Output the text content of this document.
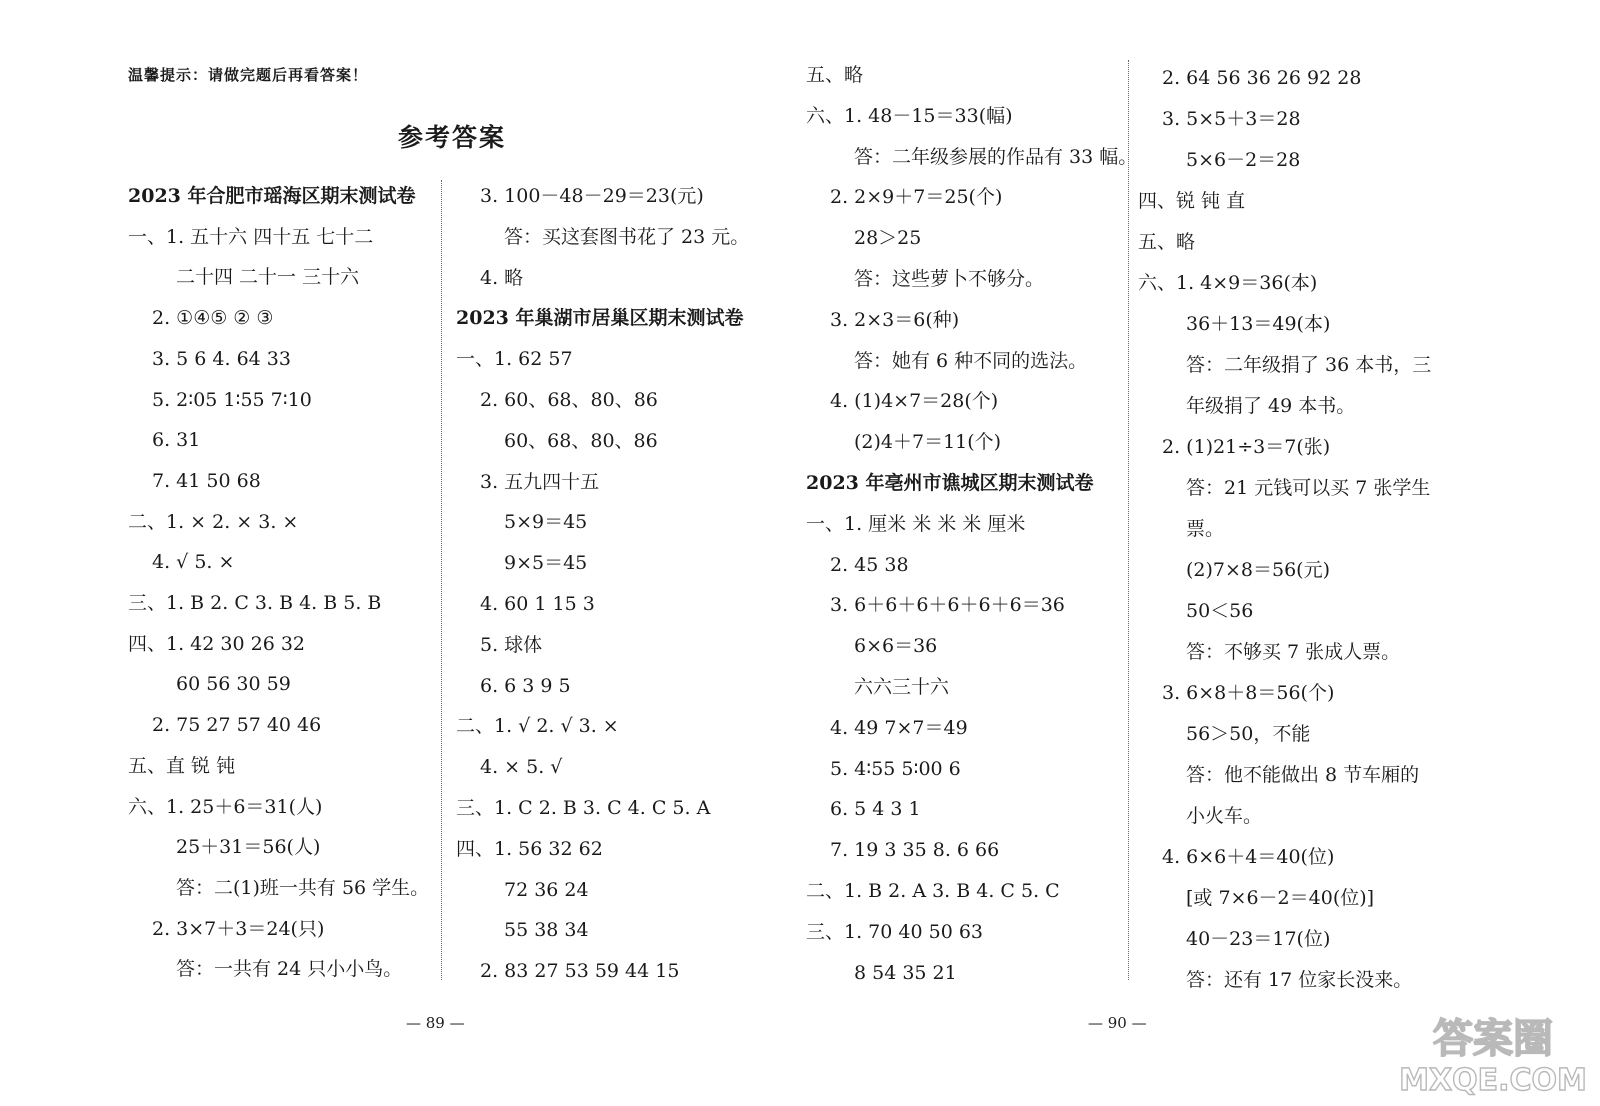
温馨提示：请做完题后再看答案！
参考答案
2023 年合肥市瑶海区期末测试卷
一、1. 五十六 四十五 七十二
二十四 二十一 三十六
2. ①④⑤ ② ③
3. 5 6 4. 64 33
5. 2∶05 1∶55 7∶10
6. 31
7. 41 50 68
二、1. × 2. × 3. ×
4. √ 5. ×
三、1. B 2. C 3. B 4. B 5. B
四、1. 42 30 26 32
60 56 30 59
2. 75 27 57 40 46
五、直 锐 钝
六、1. 25＋6＝31(人)
25＋31＝56(人)
答：二(1)班一共有 56 学生。
2. 3×7＋3＝24(只)
答：一共有 24 只小小鸟。
3. 100－48－29＝23(元)
答：买这套图书花了 23 元。
4. 略
2023 年巢湖市居巢区期末测试卷
一、1. 62 57
2. 60、68、80、86
60、68、80、86
3. 五九四十五
5×9＝45
9×5＝45
4. 60 1 15 3
5. 球体
6. 6 3 9 5
二、1. √ 2. √ 3. ×
4. × 5. √
三、1. C 2. B 3. C 4. C 5. A
四、1. 56 32 62
72 36 24
55 38 34
2. 83 27 53 59 44 15
五、略
六、1. 48－15＝33(幅)
答：二年级参展的作品有 33 幅。
2. 2×9＋7＝25(个)
28＞25
答：这些萝卜不够分。
3. 2×3＝6(种)
答：她有 6 种不同的选法。
4. (1)4×7＝28(个)
(2)4＋7＝11(个)
2023 年亳州市谯城区期末测试卷
一、1. 厘米 米 米 米 厘米
2. 45 38
3. 6＋6＋6＋6＋6＋6＝36
6×6＝36
六六三十六
4. 49 7×7＝49
5. 4∶55 5∶00 6
6. 5 4 3 1
7. 19 3 35 8. 6 66
二、1. B 2. A 3. B 4. C 5. C
三、1. 70 40 50 63
8 54 35 21
2. 64 56 36 26 92 28
3. 5×5＋3＝28
5×6－2＝28
四、锐 钝 直
五、略
六、1. 4×9＝36(本)
36＋13＝49(本)
答：二年级捐了 36 本书，三
年级捐了 49 本书。
2. (1)21÷3＝7(张)
答：21 元钱可以买 7 张学生
票。
(2)7×8＝56(元)
50＜56
答：不够买 7 张成人票。
3. 6×8＋8＝56(个)
56＞50，不能
答：他不能做出 8 节车厢的
小火车。
4. 6×6＋4＝40(位)
[或 7×6－2＝40(位)]
40－23＝17(位)
答：还有 17 位家长没来。
— 89 —	— 90 —	答案圈
MXQE.COM
